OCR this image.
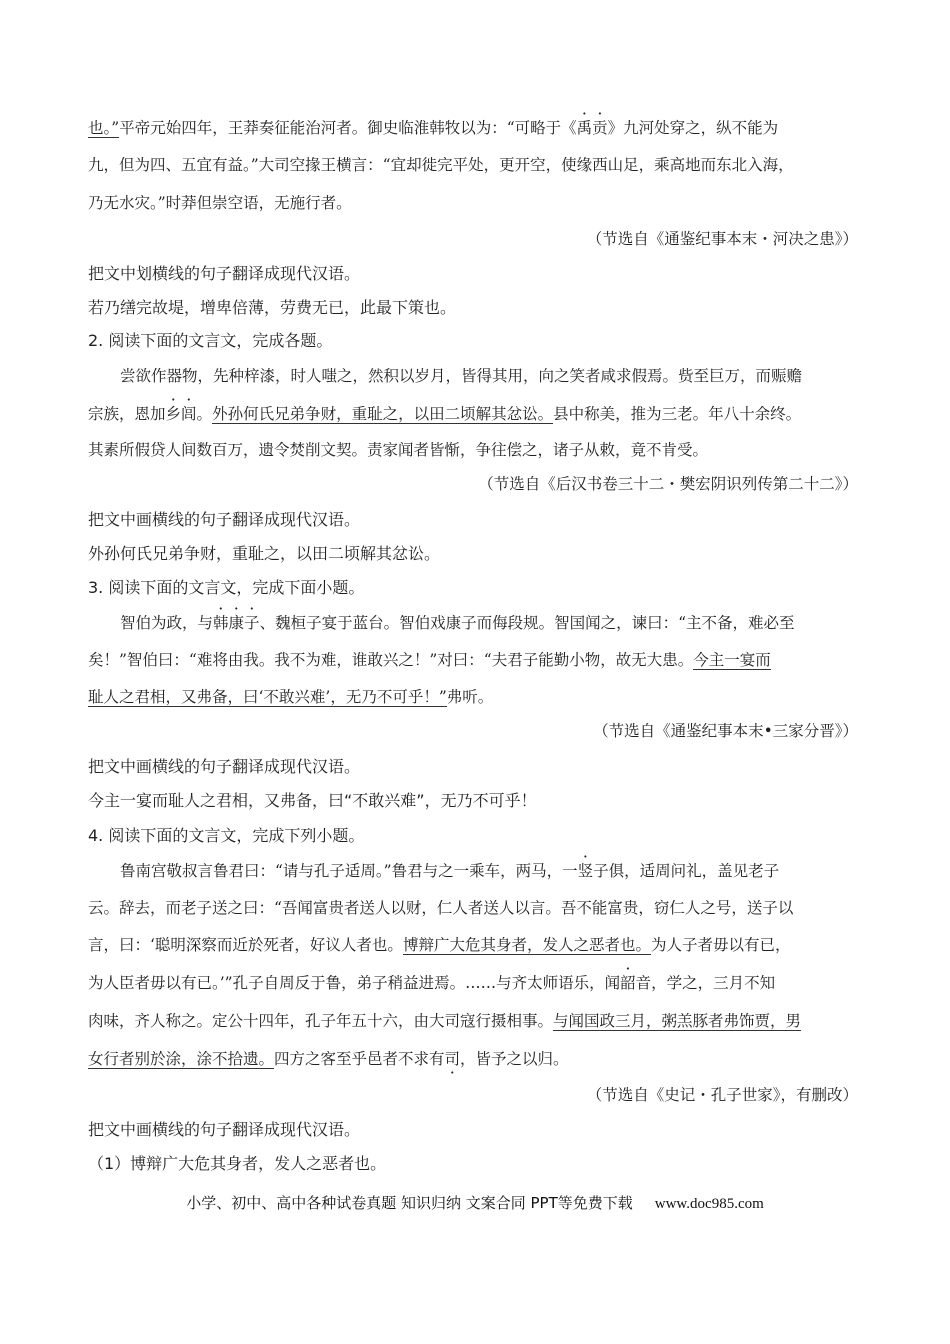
也。”平帝元始四年，王莽奏征能治河者。御史临淮韩牧以为：“可略于《禹贡》九河处穿之，纵不能为
九，但为四、五宜有益。”大司空掾王横言：“宜却徙完平处，更开空，使缘西山足，乘高地而东北入海，
乃无水灾。”时莽但崇空语，无施行者。
（节选自《通鉴纪事本末・河决之患》）
把文中划横线的句子翻译成现代汉语。
若乃缮完故堤，增卑倍薄，劳费无已，此最下策也。
2. 阅读下面的文言文，完成各题。
尝欲作器物，先种梓漆，时人嗤之，然积以岁月，皆得其用，向之笑者咸求假焉。赀至巨万，而赈赡
宗族，恩加乡闾。外孙何氏兄弟争财，重耻之，以田二顷解其忿讼。县中称美，推为三老。年八十余终。
其素所假贷人间数百万，遗令焚削文契。责家闻者皆惭，争往偿之，诸子从敕，竟不肯受。
（节选自《后汉书卷三十二・樊宏阴识列传第二十二》）
把文中画横线的句子翻译成现代汉语。
外孙何氏兄弟争财，重耻之，以田二顷解其忿讼。
3. 阅读下面的文言文，完成下面小题。
智伯为政，与韩康子、魏桓子宴于蓝台。智伯戏康子而侮段规。智国闻之，谏曰：“主不备，难必至
矣！”智伯曰：“难将由我。我不为难，谁敢兴之！”对曰：“夫君子能勤小物，故无大患。今主一宴而
耻人之君相，又弗备，曰‘不敢兴难’，无乃不可乎！”弗听。
（节选自《通鉴纪事本末•三家分晋》）
把文中画横线的句子翻译成现代汉语。
今主一宴而耻人之君相，又弗备，曰“不敢兴难”，无乃不可乎！
4. 阅读下面的文言文，完成下列小题。
鲁南宫敬叔言鲁君曰：“请与孔子适周。”鲁君与之一乘车，两马，一竖子俱，适周问礼，盖见老子
云。辞去，而老子送之曰：“吾闻富贵者送人以财，仁人者送人以言。吾不能富贵，窃仁人之号，送子以
言，曰：‘聪明深察而近於死者，好议人者也。博辩广大危其身者，发人之恶者也。为人子者毋以有已，
为人臣者毋以有已。’”孔子自周反于鲁，弟子稍益进焉。……与齐太师语乐，闻韶音，学之，三月不知
肉味，齐人称之。定公十四年，孔子年五十六，由大司寇行摄相事。与闻国政三月，粥羔豚者弗饰贾，男
女行者别於涂，涂不拾遗。四方之客至乎邑者不求有司，皆予之以归。
（节选自《史记・孔子世家》，有删改）
把文中画横线的句子翻译成现代汉语。
（1）博辩广大危其身者，发人之恶者也。
小学、初中、高中各种试卷真题 知识归纳 文案合同 PPT等免费下载 www.doc985.com
